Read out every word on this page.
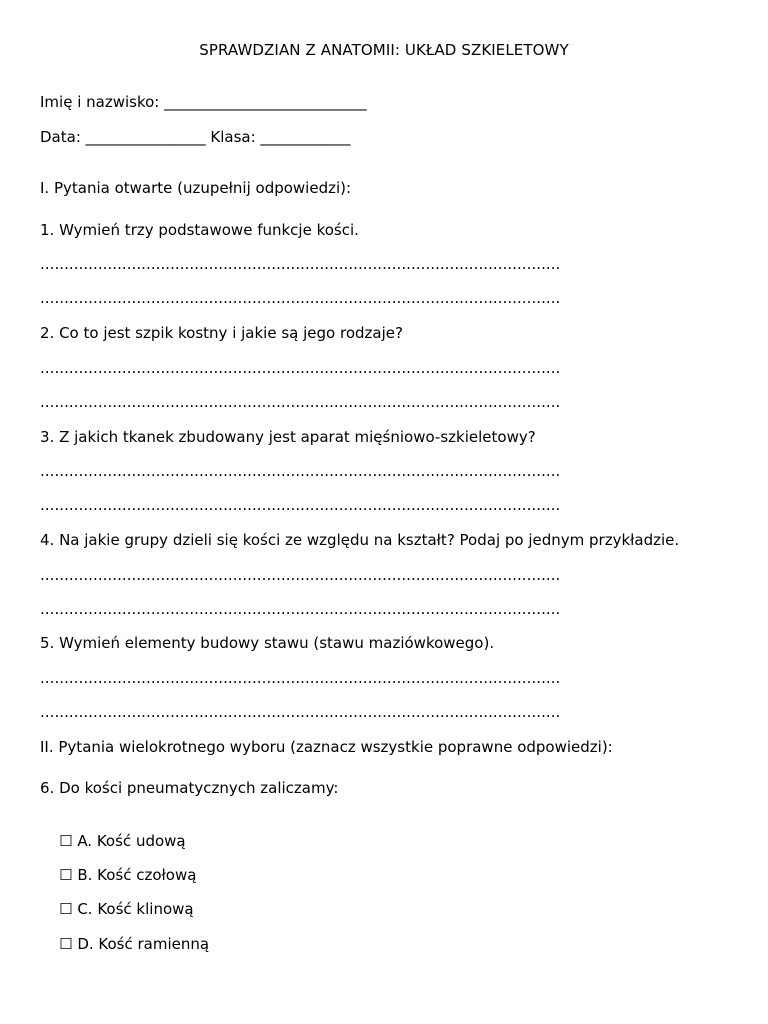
SPRAWDZIAN Z ANATOMII: UKŁAD SZKIELETOWY
Imię i nazwisko: ___________________________
Data: ________________ Klasa: ____________
I. Pytania otwarte (uzupełnij odpowiedzi):
1. Wymień trzy podstawowe funkcje kości.
............................................................................................................
............................................................................................................
2. Co to jest szpik kostny i jakie są jego rodzaje?
............................................................................................................
............................................................................................................
3. Z jakich tkanek zbudowany jest aparat mięśniowo-szkieletowy?
............................................................................................................
............................................................................................................
4. Na jakie grupy dzieli się kości ze względu na kształt? Podaj po jednym przykładzie.
............................................................................................................
............................................................................................................
5. Wymień elementy budowy stawu (stawu maziówkowego).
............................................................................................................
............................................................................................................
II. Pytania wielokrotnego wyboru (zaznacz wszystkie poprawne odpowiedzi):
6. Do kości pneumatycznych zaliczamy:

☐ A. Kość udową

☐ B. Kość czołową

☐ C. Kość klinową

☐ D. Kość ramienną
